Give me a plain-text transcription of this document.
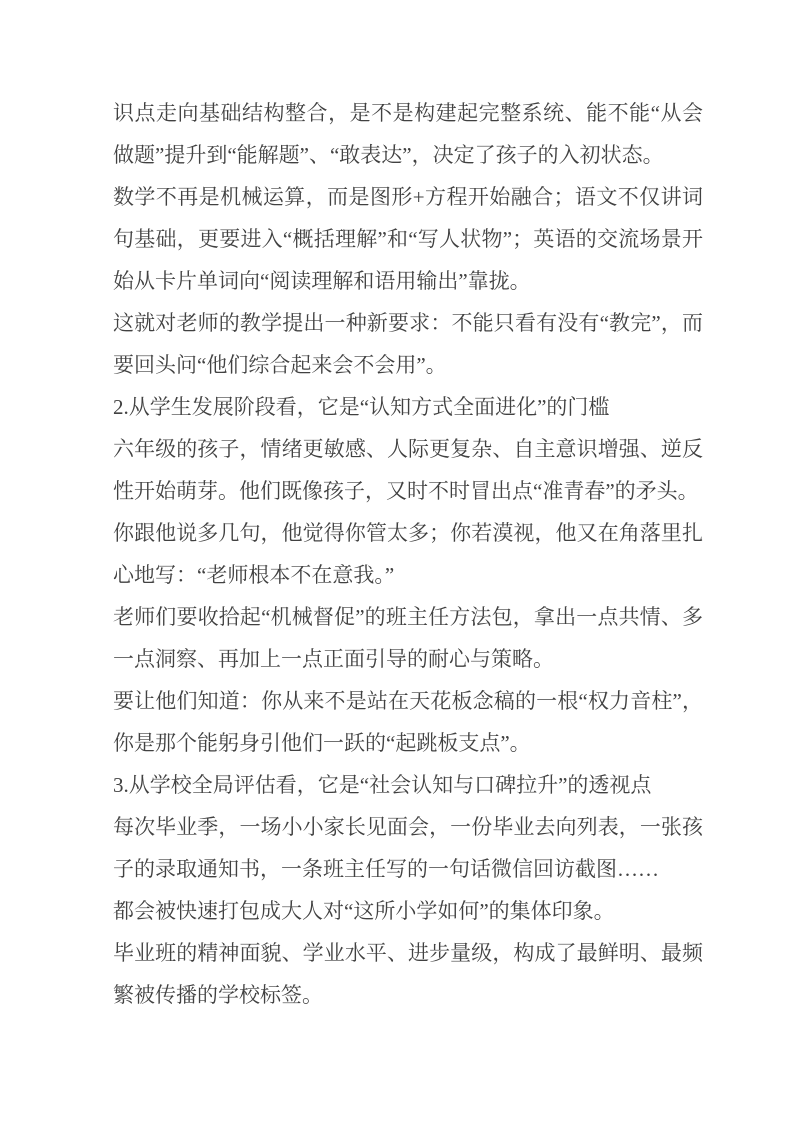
识点走向基础结构整合，是不是构建起完整系统、能不能“从会
做题”提升到“能解题”、“敢表达”，决定了孩子的入初状态。
数学不再是机械运算，而是图形+方程开始融合；语文不仅讲词
句基础，更要进入“概括理解”和“写人状物”；英语的交流场景开
始从卡片单词向“阅读理解和语用输出”靠拢。
这就对老师的教学提出一种新要求：不能只看有没有“教完”，而
要回头问“他们综合起来会不会用”。
2.从学生发展阶段看，它是“认知方式全面进化”的门槛
六年级的孩子，情绪更敏感、人际更复杂、自主意识增强、逆反
性开始萌芽。他们既像孩子，又时不时冒出点“准青春”的矛头。
你跟他说多几句，他觉得你管太多；你若漠视，他又在角落里扎
心地写：“老师根本不在意我。”
老师们要收拾起“机械督促”的班主任方法包，拿出一点共情、多
一点洞察、再加上一点正面引导的耐心与策略。
要让他们知道：你从来不是站在天花板念稿的一根“权力音柱”，
你是那个能躬身引他们一跃的“起跳板支点”。
3.从学校全局评估看，它是“社会认知与口碑拉升”的透视点
每次毕业季，一场小小家长见面会，一份毕业去向列表，一张孩
子的录取通知书，一条班主任写的一句话微信回访截图……
都会被快速打包成大人对“这所小学如何”的集体印象。
毕业班的精神面貌、学业水平、进步量级，构成了最鲜明、最频
繁被传播的学校标签。
